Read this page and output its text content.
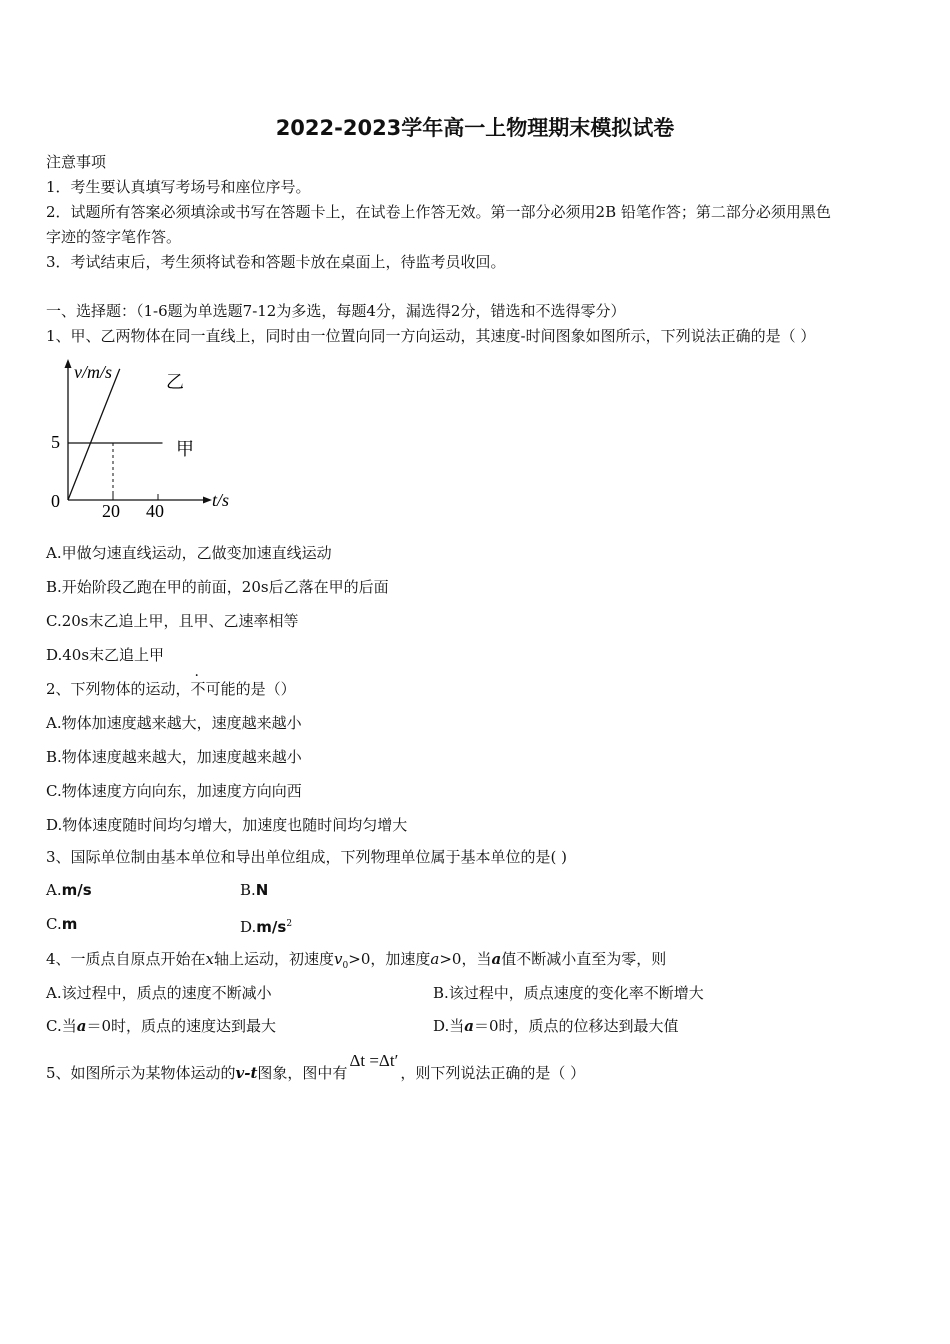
2022-2023学年高一上物理期末模拟试卷
注意事项
1．考生要认真填写考场号和座位序号。
2．试题所有答案必须填涂或书写在答题卡上，在试卷上作答无效。第一部分必须用2B 铅笔作答；第二部分必须用黑色
字迹的签字笔作答。
3．考试结束后，考生须将试卷和答题卡放在桌面上，待监考员收回。
一、选择题：（1-6题为单选题7-12为多选，每题4分，漏选得2分，错选和不选得零分）
1、甲、乙两物体在同一直线上，同时由一位置向同一方向运动，其速度-时间图象如图所示，下列说法正确的是（ ）
v/m/s
t/s
5
0 20 40
乙
甲
A.甲做匀速直线运动，乙做变加速直线运动
B.开始阶段乙跑在甲的前面，20s后乙落在甲的后面
C.20s末乙追上甲，且甲、乙速率相等
D.40s末乙追上甲
2、下列物体的运动，不可能的是（）
A.物体加速度越来越大，速度越来越小
B.物体速度越来越大，加速度越来越小
C.物体速度方向向东，加速度方向向西
D.物体速度随时间均匀增大，加速度也随时间均匀增大
3、国际单位制由基本单位和导出单位组成，下列物理单位属于基本单位的是( )
A.m/s	B.N
C.m	$D.m/s^2$
4、一质点自原点开始在x轴上运动，初速度$v_0>0$，加速度a>0，当a值不断减小直至为零，则
A.该过程中，质点的速度不断减小	B.该过程中，质点速度的变化率不断增大
C.当a＝0时，质点的速度达到最大	D.当a＝0时，质点的位移达到最大值
5、如图所示为某物体运动的v-t图象，图中有Δt =Δt′，则下列说法正确的是（ ）
